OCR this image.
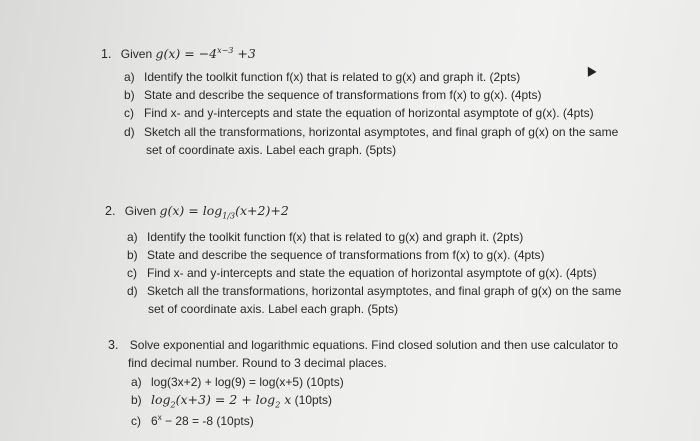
1. Given $g(x) = -4^{x-3} +3$
a) Identify the toolkit function f(x) that is related to g(x) and graph it. (2pts)
b) State and describe the sequence of transformations from f(x) to g(x). (4pts)
c) Find x- and y-intercepts and state the equation of horizontal asymptote of g(x). (4pts)
d) Sketch all the transformations, horizontal asymptotes, and final graph of g(x) on the same
set of coordinate axis. Label each graph. (5pts)
2. Given $g(x) = \log_{1/3}(x+2)+2$
a) Identify the toolkit function f(x) that is related to g(x) and graph it. (2pts)
b) State and describe the sequence of transformations from f(x) to g(x). (4pts)
c) Find x- and y-intercepts and state the equation of horizontal asymptote of g(x). (4pts)
d) Sketch all the transformations, horizontal asymptotes, and final graph of g(x) on the same
set of coordinate axis. Label each graph. (5pts)
3. Solve exponential and logarithmic equations. Find closed solution and then use calculator to
find decimal number. Round to 3 decimal places.
a) log(3x+2) + log(9) = log(x+5) (10pts)
b) $\log_2(x+3) = 2 + \log_2 x$ (10pts)
c) $6^x - 28 = -8$ (10pts)
